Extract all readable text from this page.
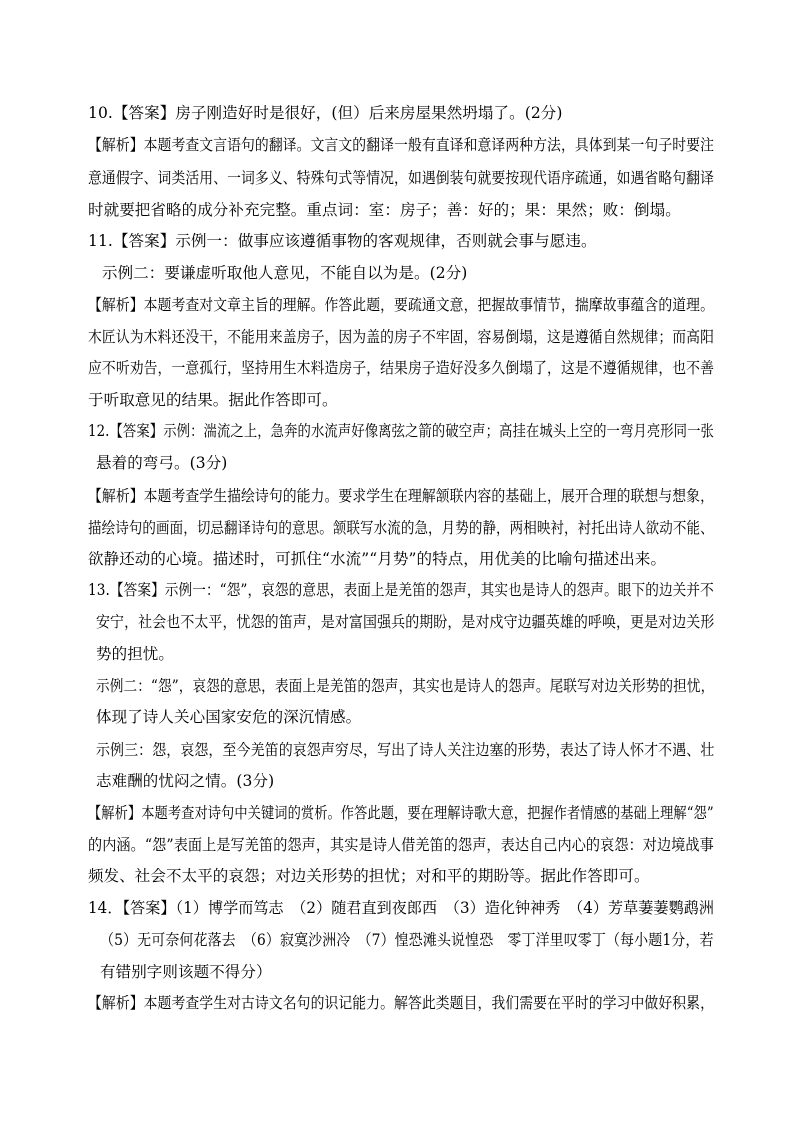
10.【答案】房子刚造好时是很好，(但）后来房屋果然坍塌了。(2分)
【解析】本题考查文言语句的翻译。文言文的翻译一般有直译和意译两种方法，具体到某一句子时要注
意通假字、词类活用、一词多义、特殊句式等情况，如遇倒装句就要按现代语序疏通，如遇省略句翻译
时就要把省略的成分补充完整。重点词：室：房子；善：好的；果：果然；败：倒塌。
11.【答案】示例一：做事应该遵循事物的客观规律，否则就会事与愿违。
示例二：要谦虚听取他人意见，不能自以为是。(2分)
【解析】本题考查对文章主旨的理解。作答此题，要疏通文意，把握故事情节，揣摩故事蕴含的道理。
木匠认为木料还没干，不能用来盖房子，因为盖的房子不牢固，容易倒塌，这是遵循自然规律；而高阳
应不听劝告，一意孤行，坚持用生木料造房子，结果房子造好没多久倒塌了，这是不遵循规律，也不善
于听取意见的结果。据此作答即可。
12.【答案】示例：湍流之上，急奔的水流声好像离弦之箭的破空声；高挂在城头上空的一弯月亮形同一张
悬着的弯弓。(3分)
【解析】本题考查学生描绘诗句的能力。要求学生在理解颔联内容的基础上，展开合理的联想与想象，
描绘诗句的画面，切忌翻译诗句的意思。颔联写水流的急，月势的静，两相映衬，衬托出诗人欲动不能、
欲静还动的心境。描述时，可抓住“水流”“月势”的特点，用优美的比喻句描述出来。
13.【答案】示例一：“怨”，哀怨的意思，表面上是羌笛的怨声，其实也是诗人的怨声。眼下的边关并不
安宁，社会也不太平，忧怨的笛声，是对富国强兵的期盼，是对戍守边疆英雄的呼唤，更是对边关形
势的担忧。
示例二：“怨”，哀怨的意思，表面上是羌笛的怨声，其实也是诗人的怨声。尾联写对边关形势的担忧，
体现了诗人关心国家安危的深沉情感。
示例三：怨，哀怨，至今羌笛的哀怨声穷尽，写出了诗人关注边塞的形势，表达了诗人怀才不遇、壮
志难酬的忧闷之情。(3分)
【解析】本题考查对诗句中关键词的赏析。作答此题，要在理解诗歌大意，把握作者情感的基础上理解“怨”
的内涵。“怨”表面上是写羌笛的怨声，其实是诗人借羌笛的怨声，表达自己内心的哀怨：对边境战事
频发、社会不太平的哀怨；对边关形势的担忧；对和平的期盼等。据此作答即可。
14．【答案】（1）博学而笃志　（2）随君直到夜郎西　（3）造化钟神秀　（4）芳草萋萋鹦鹉洲
（5）无可奈何花落去　（6）寂寞沙洲冷　（7）惶恐滩头说惶恐　零丁洋里叹零丁（每小题1分，若
有错别字则该题不得分）
【解析】本题考查学生对古诗文名句的识记能力。解答此类题目，我们需要在平时的学习中做好积累，
